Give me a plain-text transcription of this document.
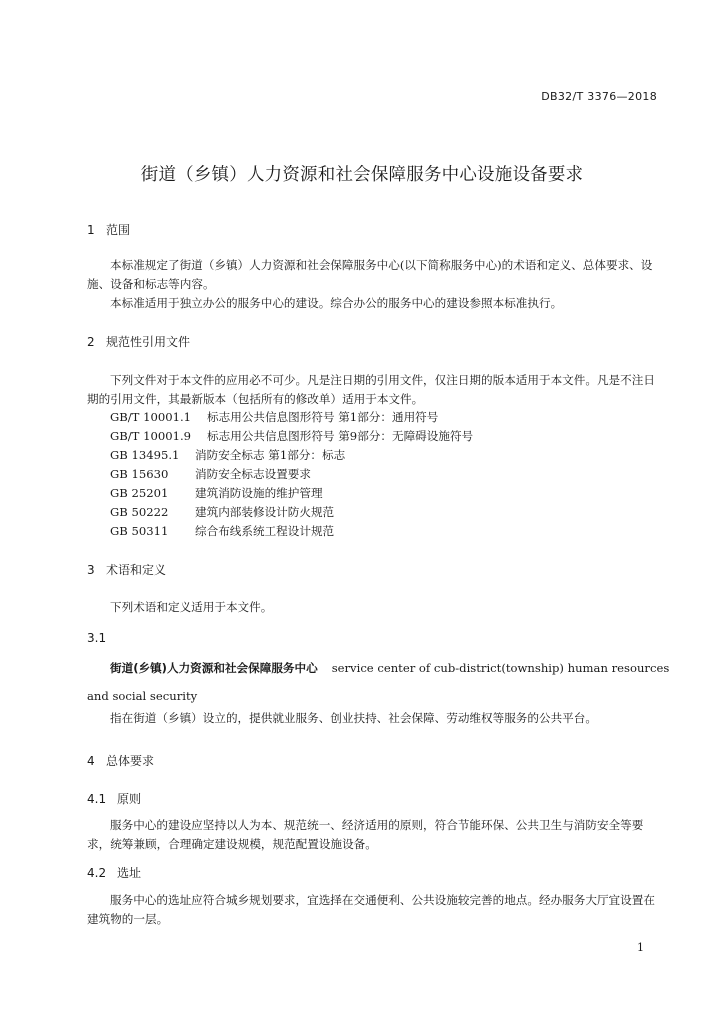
DB32/T 3376—2018
街道（乡镇）人力资源和社会保障服务中心设施设备要求
1 范围
本标准规定了街道（乡镇）人力资源和社会保障服务中心(以下简称服务中心)的术语和定义、总体要求、设施、设备和标志等内容。
本标准适用于独立办公的服务中心的建设。综合办公的服务中心的建设参照本标准执行。
2 规范性引用文件
下列文件对于本文件的应用必不可少。凡是注日期的引用文件，仅注日期的版本适用于本文件。凡是不注日期的引用文件，其最新版本（包括所有的修改单）适用于本文件。
GB/T 10001.1 标志用公共信息图形符号 第1部分：通用符号
GB/T 10001.9 标志用公共信息图形符号 第9部分：无障碍设施符号
GB 13495.1 消防安全标志 第1部分：标志
GB 15630 消防安全标志设置要求
GB 25201 建筑消防设施的维护管理
GB 50222 建筑内部装修设计防火规范
GB 50311 综合布线系统工程设计规范
3 术语和定义
下列术语和定义适用于本文件。
3.1
街道(乡镇)人力资源和社会保障服务中心 service center of cub-district(township) human resources
and social security
指在街道（乡镇）设立的，提供就业服务、创业扶持、社会保障、劳动维权等服务的公共平台。
4 总体要求
4.1 原则
服务中心的建设应坚持以人为本、规范统一、经济适用的原则，符合节能环保、公共卫生与消防安全等要求，统筹兼顾，合理确定建设规模，规范配置设施设备。
4.2 选址
服务中心的选址应符合城乡规划要求，宜选择在交通便利、公共设施较完善的地点。经办服务大厅宜设置在建筑物的一层。
1
